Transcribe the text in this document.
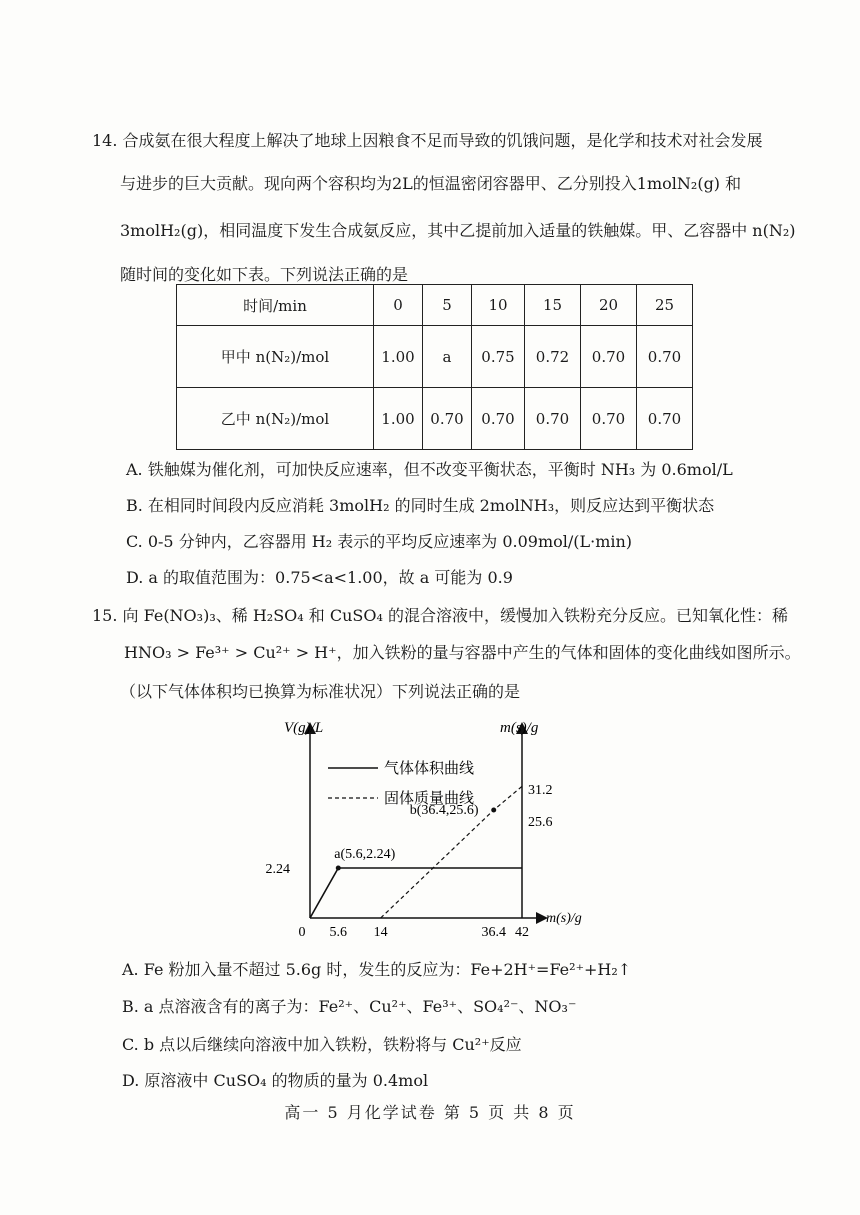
14. 合成氨在很大程度上解决了地球上因粮食不足而导致的饥饿问题，是化学和技术对社会发展
与进步的巨大贡献。现向两个容积均为2L的恒温密闭容器甲、乙分别投入1molN₂(g) 和
3molH₂(g)，相同温度下发生合成氨反应，其中乙提前加入适量的铁触媒。甲、乙容器中 n(N₂)
随时间的变化如下表。下列说法正确的是
时间/min	0	5	10	15	20	25
甲中 n(N₂)/mol	1.00	a	0.75	0.72	0.70	0.70
乙中 n(N₂)/mol	1.00	0.70	0.70	0.70	0.70	0.70
A. 铁触媒为催化剂，可加快反应速率，但不改变平衡状态，平衡时 NH₃ 为 0.6mol/L
B. 在相同时间段内反应消耗 3molH₂ 的同时生成 2molNH₃，则反应达到平衡状态
C. 0-5 分钟内，乙容器用 H₂ 表示的平均反应速率为 0.09mol/(L·min)
D. a 的取值范围为：0.75<a<1.00，故 a 可能为 0.9
15. 向 Fe(NO₃)₃、稀 H₂SO₄ 和 CuSO₄ 的混合溶液中，缓慢加入铁粉充分反应。已知氧化性：稀
HNO₃ > Fe³⁺ > Cu²⁺ > H⁺，加入铁粉的量与容器中产生的气体和固体的变化曲线如图所示。
（以下气体体积均已换算为标准状况）下列说法正确的是
V(g)/L	m(s)/g
m(s)/g
0 5.6 14	36.4 42
2.24
31.2
25.6
气体体积曲线
固体质量曲线
a(5.6,2.24)
b(36.4,25.6)
A. Fe 粉加入量不超过 5.6g 时，发生的反应为：Fe+2H⁺=Fe²⁺+H₂↑
B. a 点溶液含有的离子为：Fe²⁺、Cu²⁺、Fe³⁺、SO₄²⁻、NO₃⁻
C. b 点以后继续向溶液中加入铁粉，铁粉将与 Cu²⁺反应
D. 原溶液中 CuSO₄ 的物质的量为 0.4mol
高一 5 月化学试卷 第 5 页 共 8 页
